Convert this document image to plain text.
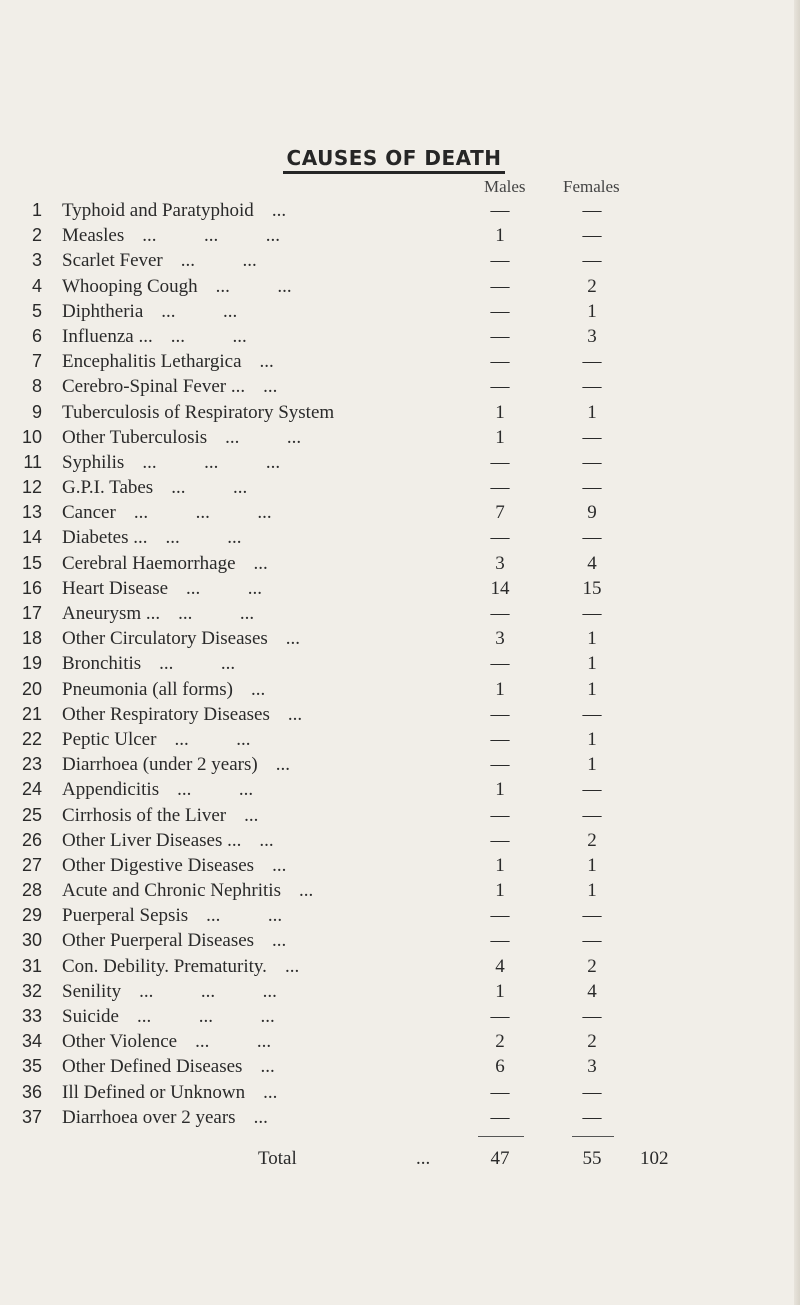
CAUSES OF DEATH
Males Females
1 Typhoid and Paratyphoid ...	—	—
2 Measles ...          ...          ...	1	—
3 Scarlet Fever ...          ...	—	—
4 Whooping Cough ...          ...	—	2
5 Diphtheria ...          ...	—	1
6 Influenza ... ...          ...	—	3
7 Encephalitis Lethargica ...	—	—
8 Cerebro-Spinal Fever ... ...	—	—
9 Tuberculosis of Respiratory System	1	1
10 Other Tuberculosis ...          ...	1	—
11 Syphilis ...          ...          ...	—	—
12 G.P.I. Tabes ...          ...	—	—
13 Cancer ...          ...          ...	7	9
14 Diabetes ... ...          ...	—	—
15 Cerebral Haemorrhage ...	3	4
16 Heart Disease ...          ...	14	15
17 Aneurysm ... ...          ...	—	—
18 Other Circulatory Diseases ...	3	1
19 Bronchitis ...          ...	—	1
20 Pneumonia (all forms) ...	1	1
21 Other Respiratory Diseases ...	—	—
22 Peptic Ulcer ...          ...	—	1
23 Diarrhoea (under 2 years) ...	—	1
24 Appendicitis ...          ...	1	—
25 Cirrhosis of the Liver ...	—	—
26 Other Liver Diseases ... ...	—	2
27 Other Digestive Diseases ...	1	1
28 Acute and Chronic Nephritis ...	1	1
29 Puerperal Sepsis ...          ...	—	—
30 Other Puerperal Diseases ...	—	—
31 Con. Debility. Prematurity. ...	4	2
32 Senility ...          ...          ...	1	4
33 Suicide ...          ...          ...	—	—
34 Other Violence ...          ...	2	2
35 Other Defined Diseases ...	6	3
36 Ill Defined or Unknown ...	—	—
37 Diarrhoea over 2 years ...	—	—
Total	...	47	55	102
